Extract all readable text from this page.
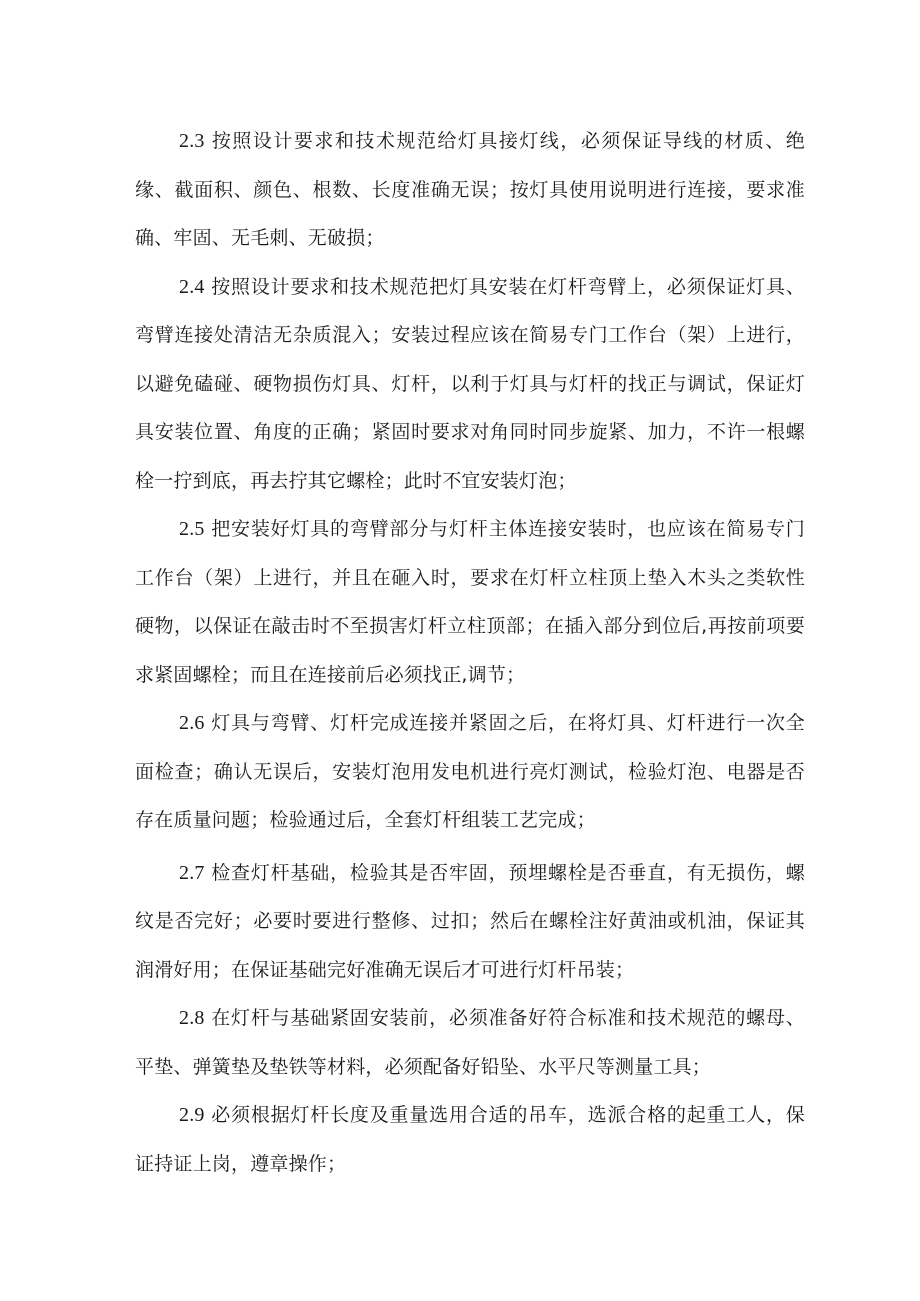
2.3 按照设计要求和技术规范给灯具接灯线，必须保证导线的材质、绝缘、截面积、颜色、根数、长度准确无误；按灯具使用说明进行连接，要求准确、牢固、无毛刺、无破损；

2.4 按照设计要求和技术规范把灯具安装在灯杆弯臂上，必须保证灯具、弯臂连接处清洁无杂质混入；安装过程应该在简易专门工作台（架）上进行，以避免磕碰、硬物损伤灯具、灯杆，以利于灯具与灯杆的找正与调试，保证灯具安装位置、角度的正确；紧固时要求对角同时同步旋紧、加力，不许一根螺栓一拧到底，再去拧其它螺栓；此时不宜安装灯泡；

2.5 把安装好灯具的弯臂部分与灯杆主体连接安装时，也应该在简易专门工作台（架）上进行，并且在砸入时，要求在灯杆立柱顶上垫入木头之类软性硬物，以保证在敲击时不至损害灯杆立柱顶部；在插入部分到位后,再按前项要求紧固螺栓；而且在连接前后必须找正,调节；

2.6 灯具与弯臂、灯杆完成连接并紧固之后，在将灯具、灯杆进行一次全面检查；确认无误后，安装灯泡用发电机进行亮灯测试，检验灯泡、电器是否存在质量问题；检验通过后，全套灯杆组装工艺完成；

2.7 检查灯杆基础，检验其是否牢固，预埋螺栓是否垂直，有无损伤，螺纹是否完好；必要时要进行整修、过扣；然后在螺栓注好黄油或机油，保证其润滑好用；在保证基础完好准确无误后才可进行灯杆吊装；

2.8 在灯杆与基础紧固安装前，必须准备好符合标准和技术规范的螺母、平垫、弹簧垫及垫铁等材料，必须配备好铅坠、水平尺等测量工具；

2.9 必须根据灯杆长度及重量选用合适的吊车，选派合格的起重工人，保证持证上岗，遵章操作；
